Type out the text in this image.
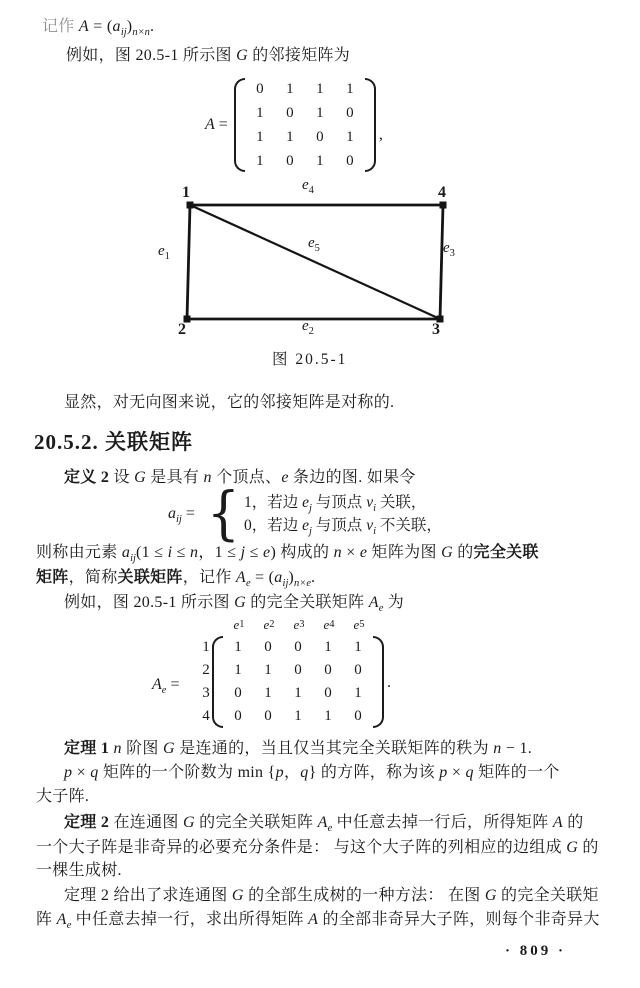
记作 $A = (a_{ij})_{n\times n}$.
例如，图 20.5-1 所示图 G 的邻接矩阵为
A =
0	1	1	1
1	0	1	0
1	1	0	1
1	0	1	0
,
1	4
2	3
$e_1$
$e_4$
$e_3$
$e_5$
$e_2$
图 20.5-1
显然，对无向图来说，它的邻接矩阵是对称的.
20.5.2. 关联矩阵
定义 2 设 G 是具有 n 个顶点、e 条边的图. 如果令
$a_{ij}$ = { 1，若边 $e_j$ 与顶点 $v_i$ 关联，
0，若边 $e_j$ 与顶点 $v_i$ 不关联，
则称由元素 $a_{ij}(1 \le i \le n$，1 ≤ j ≤ e) 构成的 n × e 矩阵为图 G 的完全关联
矩阵，简称关联矩阵，记作 $A_e = (a_{ij})_{n\times e}$.
例如，图 20.5-1 所示图 G 的完全关联矩阵 $A_e$ 为
$A_e$ =
e 1 e 2 e 3 e 4 e 5
1
2
3
4
1	0	0	1	1
1	1	0	0	0
0	1	1	0	1
0	0	1	1	0
.
定理 1 n 阶图 G 是连通的，当且仅当其完全关联矩阵的秩为 n − 1.
p × q 矩阵的一个阶数为 min {p，q} 的方阵，称为该 p × q 矩阵的一个
大子阵.
定理 2 在连通图 G 的完全关联矩阵 $A_e$ 中任意去掉一行后，所得矩阵 A 的
一个大子阵是非奇异的必要充分条件是： 与这个大子阵的列相应的边组成 G 的
一棵生成树.
定理 2 给出了求连通图 G 的全部生成树的一种方法： 在图 G 的完全关联矩
阵 $A_e$ 中任意去掉一行，求出所得矩阵 A 的全部非奇异大子阵，则每个非奇异大
· 809 ·
